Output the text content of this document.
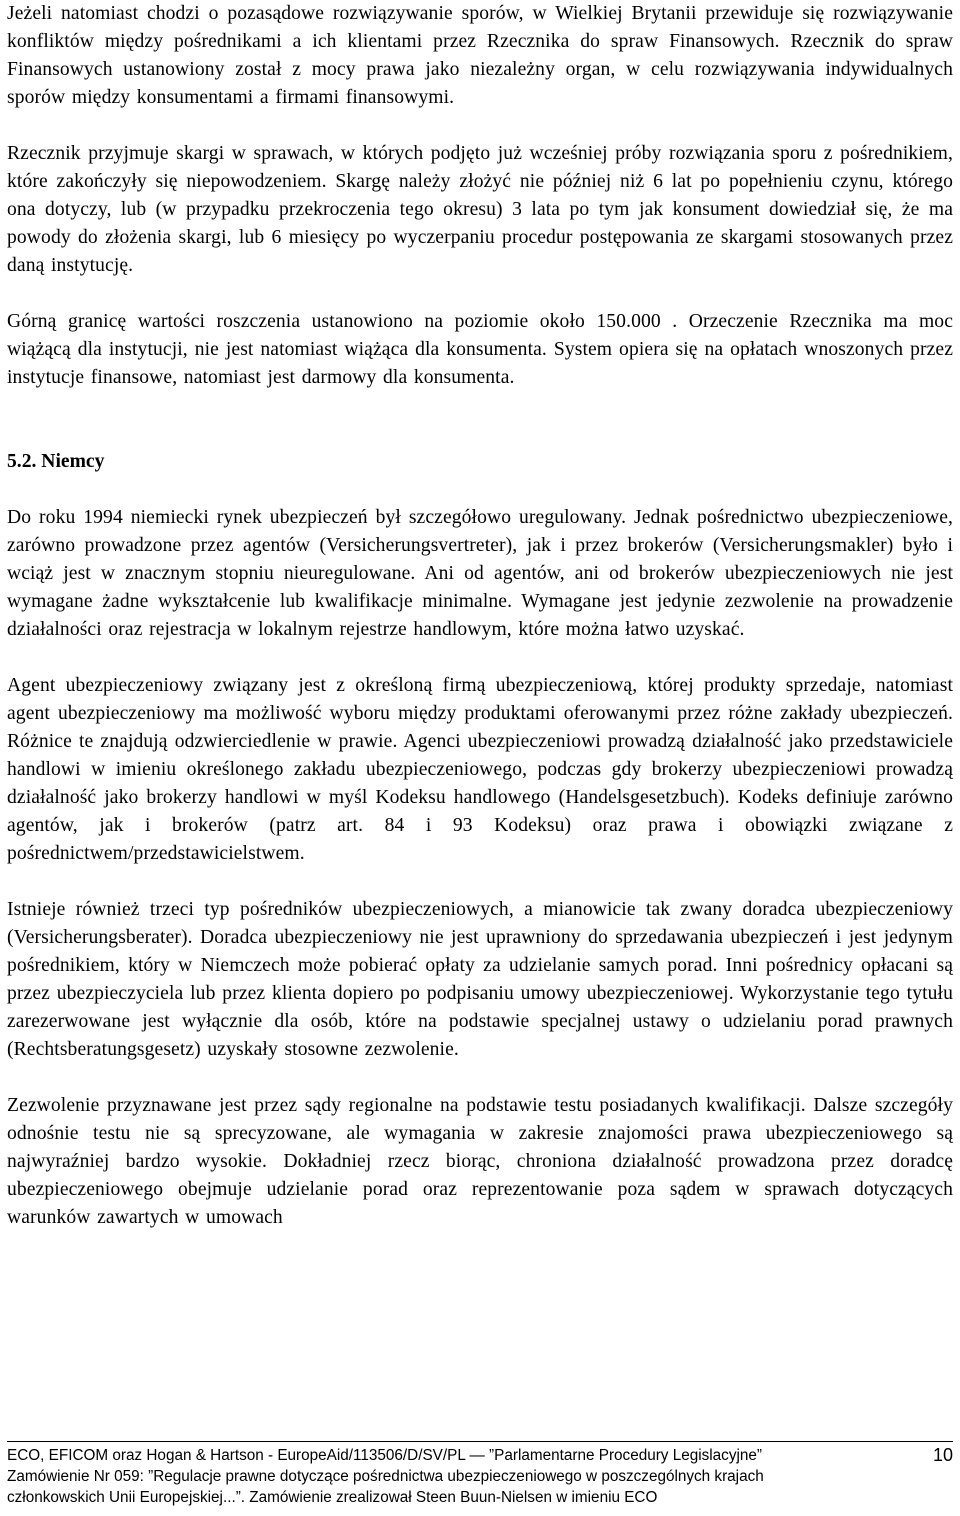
Jeżeli natomiast chodzi o pozasądowe rozwiązywanie sporów, w Wielkiej Brytanii przewiduje się rozwiązywanie konfliktów między pośrednikami a ich klientami przez Rzecznika do spraw Finansowych. Rzecznik do spraw Finansowych ustanowiony został z mocy prawa jako niezależny organ, w celu rozwiązywania indywidualnych sporów między konsumentami a firmami finansowymi.

Rzecznik przyjmuje skargi w sprawach, w których podjęto już wcześniej próby rozwiązania sporu z pośrednikiem, które zakończyły się niepowodzeniem. Skargę należy złożyć nie później niż 6 lat po popełnieniu czynu, którego ona dotyczy, lub (w przypadku przekroczenia tego okresu) 3 lata po tym jak konsument dowiedział się, że ma powody do złożenia skargi, lub 6 miesięcy po wyczerpaniu procedur postępowania ze skargami stosowanych przez daną instytucję.

Górną granicę wartości roszczenia ustanowiono na poziomie około 150.000 . Orzeczenie Rzecznika ma moc wiążącą dla instytucji, nie jest natomiast wiążąca dla konsumenta. System opiera się na opłatach wnoszonych przez instytucje finansowe, natomiast jest darmowy dla konsumenta.

5.2. Niemcy

Do roku 1994 niemiecki rynek ubezpieczeń był szczegółowo uregulowany. Jednak pośrednictwo ubezpieczeniowe, zarówno prowadzone przez agentów (Versicherungsvertreter), jak i przez brokerów (Versicherungsmakler) było i wciąż jest w znacznym stopniu nieuregulowane. Ani od agentów, ani od brokerów ubezpieczeniowych nie jest wymagane żadne wykształcenie lub kwalifikacje minimalne. Wymagane jest jedynie zezwolenie na prowadzenie działalności oraz rejestracja w lokalnym rejestrze handlowym, które można łatwo uzyskać.

Agent ubezpieczeniowy związany jest z określoną firmą ubezpieczeniową, której produkty sprzedaje, natomiast agent ubezpieczeniowy ma możliwość wyboru między produktami oferowanymi przez różne zakłady ubezpieczeń. Różnice te znajdują odzwierciedlenie w prawie. Agenci ubezpieczeniowi prowadzą działalność jako przedstawiciele handlowi w imieniu określonego zakładu ubezpieczeniowego, podczas gdy brokerzy ubezpieczeniowi prowadzą działalność jako brokerzy handlowi w myśl Kodeksu handlowego (Handelsgesetzbuch). Kodeks definiuje zarówno agentów, jak i brokerów (patrz art. 84 i 93 Kodeksu) oraz prawa i obowiązki związane z pośrednictwem/przedstawicielstwem.

Istnieje również trzeci typ pośredników ubezpieczeniowych, a mianowicie tak zwany doradca ubezpieczeniowy (Versicherungsberater). Doradca ubezpieczeniowy nie jest uprawniony do sprzedawania ubezpieczeń i jest jedynym pośrednikiem, który w Niemczech może pobierać opłaty za udzielanie samych porad. Inni pośrednicy opłacani są przez ubezpieczyciela lub przez klienta dopiero po podpisaniu umowy ubezpieczeniowej. Wykorzystanie tego tytułu zarezerwowane jest wyłącznie dla osób, które na podstawie specjalnej ustawy o udzielaniu porad prawnych (Rechtsberatungsgesetz) uzyskały stosowne zezwolenie.

Zezwolenie przyznawane jest przez sądy regionalne na podstawie testu posiadanych kwalifikacji. Dalsze szczegóły odnośnie testu nie są sprecyzowane, ale wymagania w zakresie znajomości prawa ubezpieczeniowego są najwyraźniej bardzo wysokie. Dokładniej rzecz biorąc, chroniona działalność prowadzona przez doradcę ubezpieczeniowego obejmuje udzielanie porad oraz reprezentowanie poza sądem w sprawach dotyczących warunków zawartych w umowach

ECO, EFICOM oraz Hogan & Hartson - EuropeAid/113506/D/SV/PL — ”Parlamentarne Procedury Legislacyjne”
Zamówienie Nr 059: ”Regulacje prawne dotyczące pośrednictwa ubezpieczeniowego w poszczególnych krajach
członkowskich Unii Europejskiej...”. Zamówienie zrealizował Steen Buun-Nielsen w imieniu ECO
10
